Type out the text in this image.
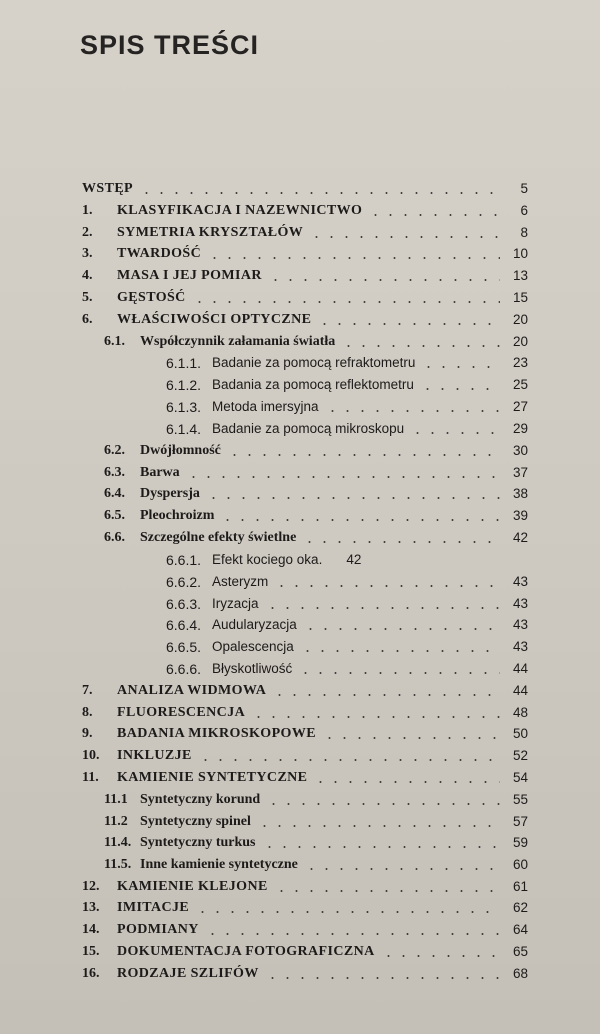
SPIS TREŚCI
WSTĘP	5
1.	KLASYFIKACJA I NAZEWNICTWO	6
2.	SYMETRIA KRYSZTAŁÓW	8
3.	TWARDOŚĆ	10
4.	MASA I JEJ POMIAR	13
5.	GĘSTOŚĆ	15
6.	WŁAŚCIWOŚCI OPTYCZNE	20
6.1.	Współczynnik załamania światła	20
6.1.1. Badanie za pomocą refraktometru	23
6.1.2. Badania za pomocą reflektometru	25
6.1.3. Metoda imersyjna	27
6.1.4. Badanie za pomocą mikroskopu	29
6.2.	Dwójłomność	30
6.3.	Barwa	37
6.4.	Dyspersja	38
6.5.	Pleochroizm	39
6.6.	Szczególne efekty świetlne	42
6.6.1. Efekt kociego oka. 42
6.6.2. Asteryzm	43
6.6.3. Iryzacja	43
6.6.4. Audularyzacja	43
6.6.5. Opalescencja	43
6.6.6. Błyskotliwość	44
7.	ANALIZA WIDMOWA	44
8.	FLUORESCENCJA	48
9.	BADANIA MIKROSKOPOWE	50
10.	INKLUZJE	52
11.	KAMIENIE SYNTETYCZNE	54
11.1 Syntetyczny korund	55
11.2 Syntetyczny spinel	57
11.4. Syntetyczny turkus	59
11.5. Inne kamienie syntetyczne	60
12.	KAMIENIE KLEJONE	61
13.	IMITACJE	62
14.	PODMIANY	64
15.	DOKUMENTACJA FOTOGRAFICZNA	65
16.	RODZAJE SZLIFÓW	68
